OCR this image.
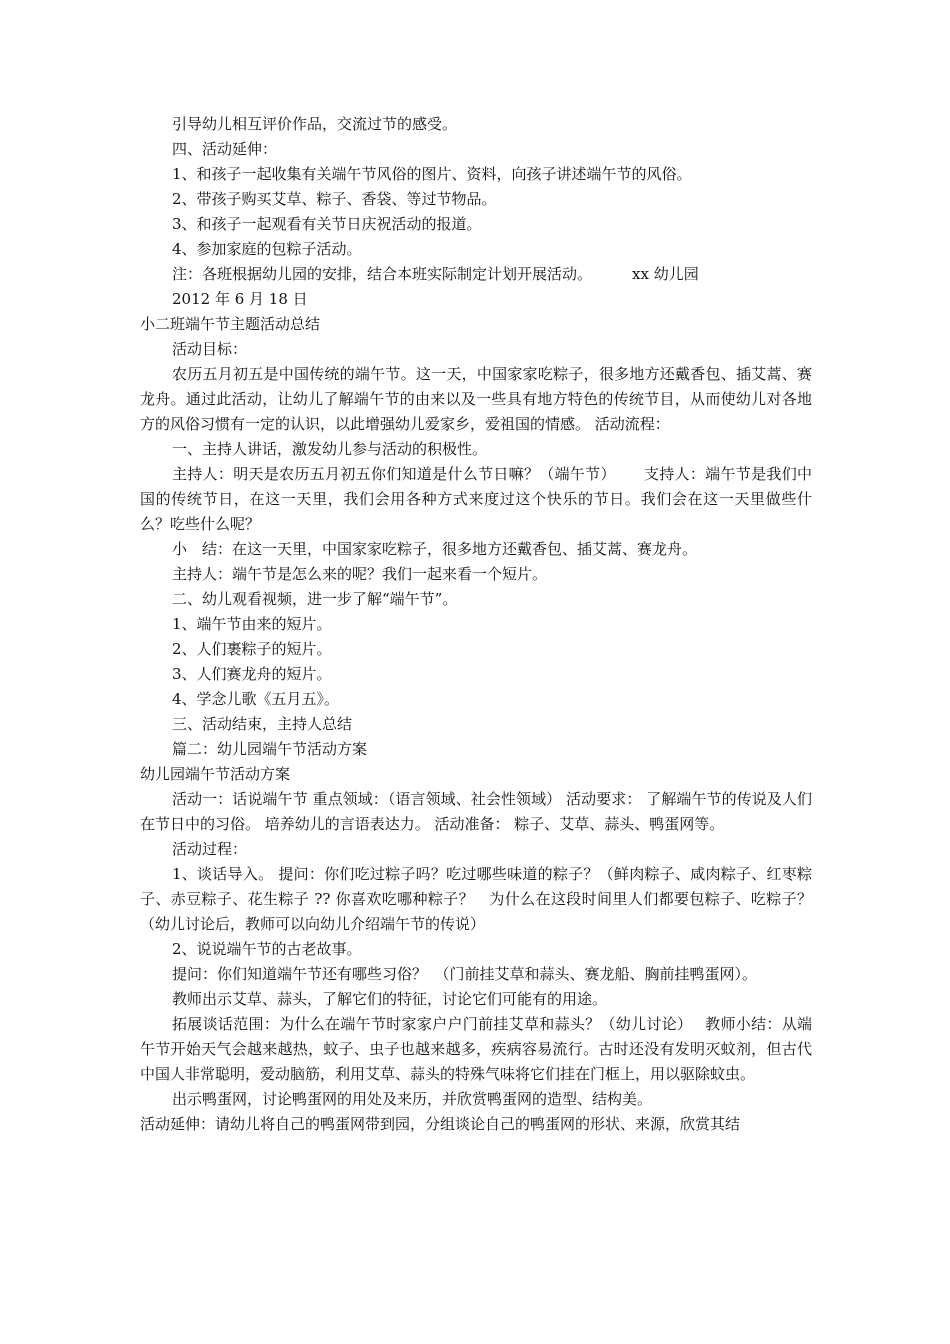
引导幼儿相互评价作品，交流过节的感受。
四、活动延伸：
1、和孩子一起收集有关端午节风俗的图片、资料，向孩子讲述端午节的风俗。
2、带孩子购买艾草、粽子、香袋、等过节物品。
3、和孩子一起观看有关节日庆祝活动的报道。
4、参加家庭的包粽子活动。
注：各班根据幼儿园的安排，结合本班实际制定计划开展活动。	xx 幼儿园
2012 年 6 月 18 日
小二班端午节主题活动总结
活动目标：

农历五月初五是中国传统的端午节。这一天，中国家家吃粽子，很多地方还戴香包、插艾蒿、赛龙舟。通过此活动，让幼儿了解端午节的由来以及一些具有地方特色的传统节目，从而使幼儿对各地方的风俗习惯有一定的认识，以此增强幼儿爱家乡，爱祖国的情感。 活动流程：

一、主持人讲话，激发幼儿参与活动的积极性。

主持人：明天是农历五月初五你们知道是什么节日嘛？（端午节）　　 支持人：端午节是我们中国的传统节日，在这一天里，我们会用各种方式来度过这个快乐的节日。我们会在这一天里做些什么？吃些什么呢？

小　结：在这一天里，中国家家吃粽子，很多地方还戴香包、插艾蒿、赛龙舟。
主持人：端午节是怎么来的呢？我们一起来看一个短片。
二、幼儿观看视频，进一步了解“端午节”。
1、端午节由来的短片。
2、人们裹粽子的短片。
3、人们赛龙舟的短片。
4、学念儿歌《五月五》。
三、活动结束，主持人总结
篇二：幼儿园端午节活动方案
幼儿园端午节活动方案

活动一：话说端午节 重点领域：（语言领域、社会性领域） 活动要求： 了解端午节的传说及人们在节日中的习俗。 培养幼儿的言语表达力。 活动准备： 粽子、艾草、蒜头、鸭蛋网等。

活动过程：

1、谈话导入。 提问：你们吃过粽子吗？吃过哪些味道的粽子？（鲜肉粽子、咸肉粽子、红枣粽子、赤豆粽子、花生粽子 ?? 你喜欢吃哪种粽子？　为什么在这段时间里人们都要包粽子、吃粽子？　（幼儿讨论后，教师可以向幼儿介绍端午节的传说）

2、说说端午节的古老故事。
提问：你们知道端午节还有哪些习俗？　（门前挂艾草和蒜头、赛龙船、胸前挂鸭蛋网）。
教师出示艾草、蒜头，了解它们的特征，讨论它们可能有的用途。

拓展谈话范围：为什么在端午节时家家户户门前挂艾草和蒜头？（幼儿讨论）　 教师小结：从端午节开始天气会越来越热，蚊子、虫子也越来越多，疾病容易流行。古时还没有发明灭蚊剂，但古代中国人非常聪明，爱动脑筋，利用艾草、蒜头的特殊气味将它们挂在门框上，用以驱除蚊虫。

出示鸭蛋网，讨论鸭蛋网的用处及来历，并欣赏鸭蛋网的造型、结构美。
活动延伸：请幼儿将自己的鸭蛋网带到园，分组谈论自己的鸭蛋网的形状、来源，欣赏其结
